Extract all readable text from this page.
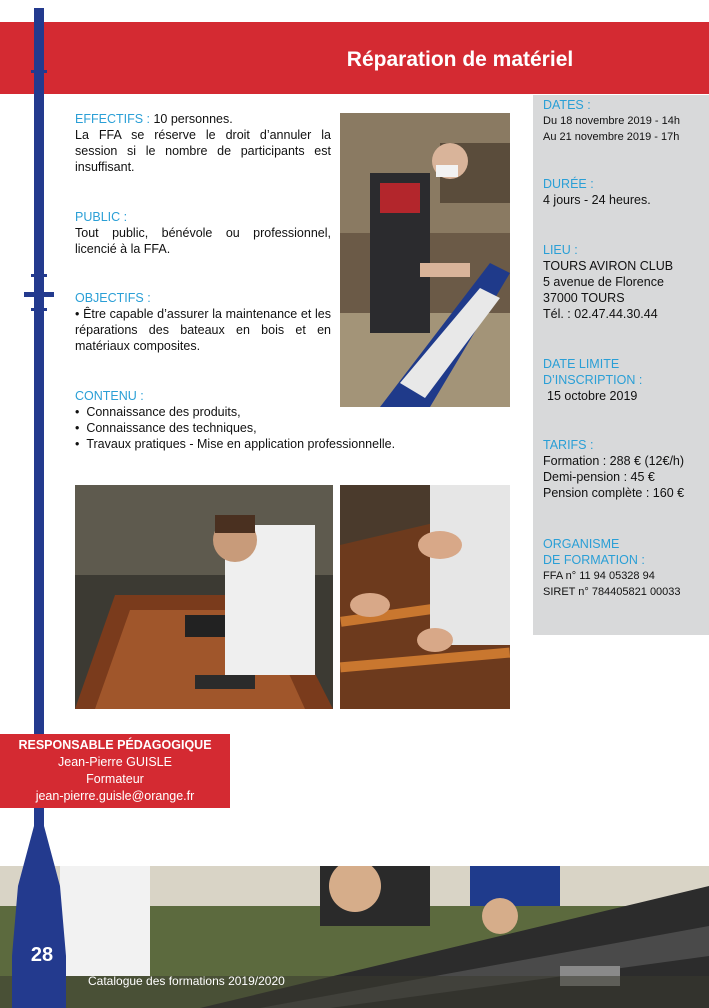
Réparation de matériel
EFFECTIFS : 10 personnes.
La FFA se réserve le droit d’annuler la session si le nombre de participants est insuffisant.
PUBLIC :
Tout public, bénévole ou professionnel, licencié à la FFA.
OBJECTIFS :
• Être capable d’assurer la maintenance et les réparations des bateaux en bois et en matériaux composites.
CONTENU :
•  Connaissance des produits,
•  Connaissance des techniques,
•  Travaux pratiques - Mise en application professionnelle.
DATES :
Du 18 novembre 2019 - 14h
Au 21 novembre 2019 - 17h
DURÉE :
4 jours - 24 heures.
LIEU :
TOURS AVIRON CLUB
5 avenue de Florence
37000 TOURS
Tél. : 02.47.44.30.44
DATE LIMITE
D’INSCRIPTION :
15 octobre 2019
TARIFS :
Formation : 288 € (12€/h)
Demi-pension : 45 €
Pension complète : 160 €
ORGANISME
DE FORMATION :
FFA n° 11 94 05328 94
SIRET n° 784405821 00033
RESPONSABLE PÉDAGOGIQUE
Jean-Pierre GUISLE
Formateur
jean-pierre.guisle@orange.fr
28
Catalogue des formations 2019/2020
